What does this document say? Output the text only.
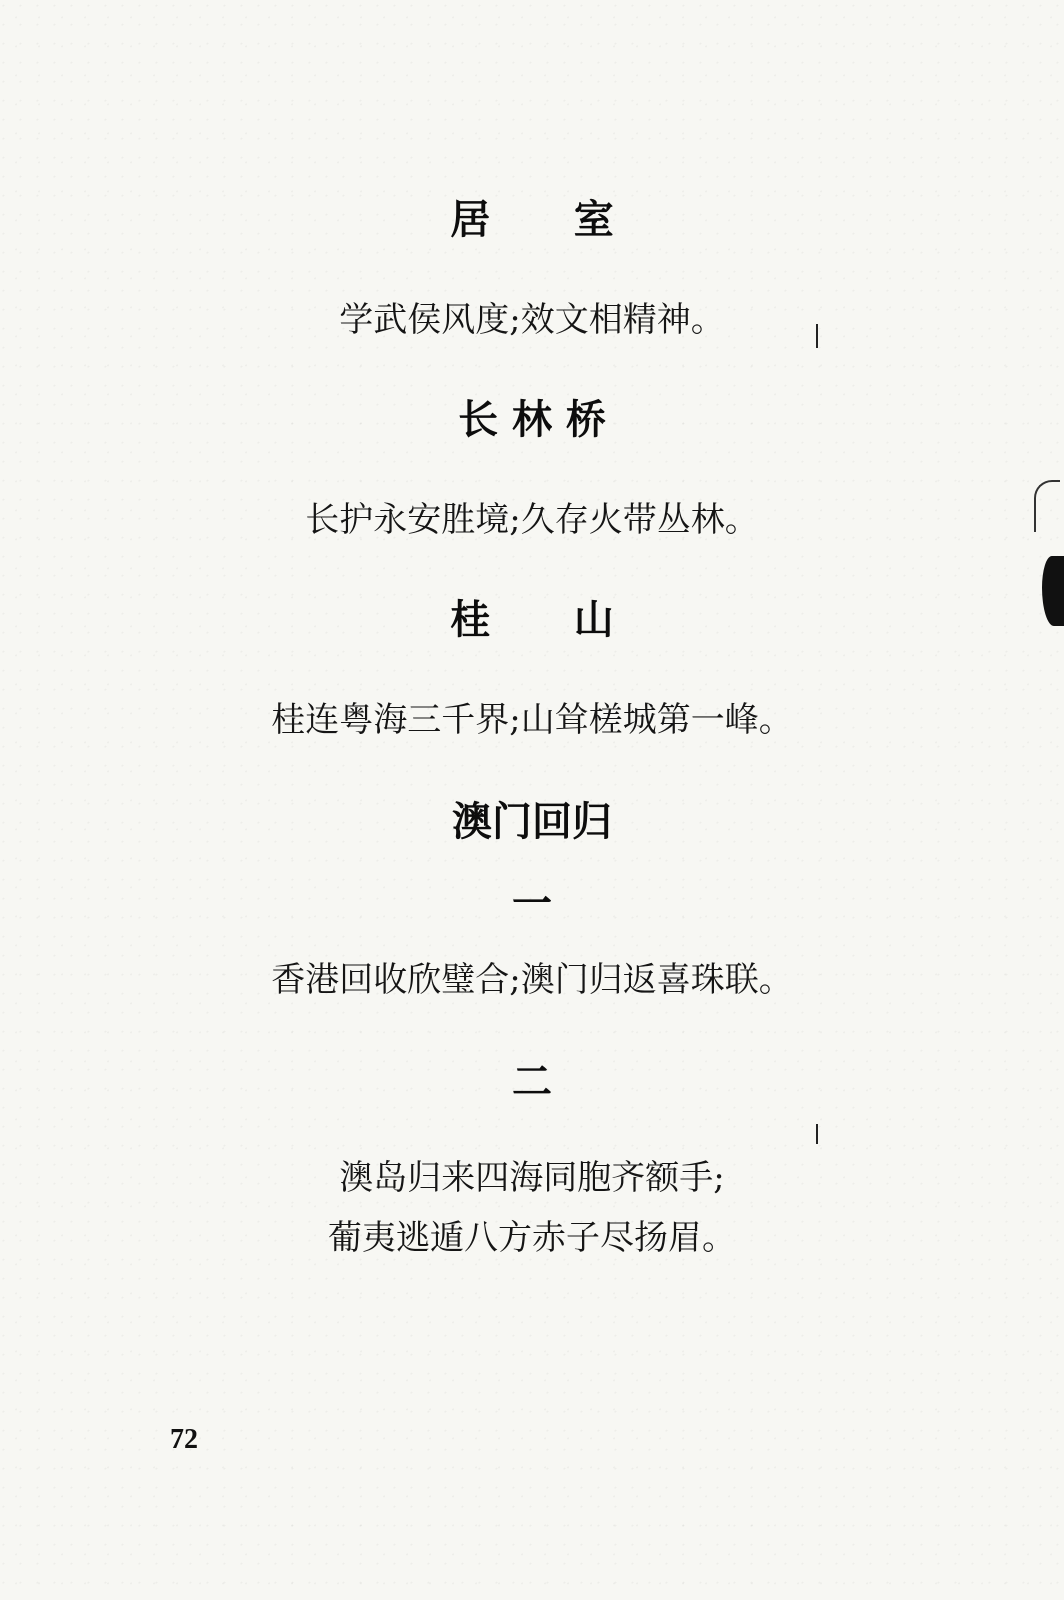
居      室
学武侯风度;效文相精神。
长 林 桥
长护永安胜境;久存火带丛林。
桂      山
桂连粤海三千界;山耸槎城第一峰。
澳门回归
一
香港回收欣璧合;澳门归返喜珠联。
二
澳岛归来四海同胞齐额手;
葡夷逃遁八方赤子尽扬眉。
72
